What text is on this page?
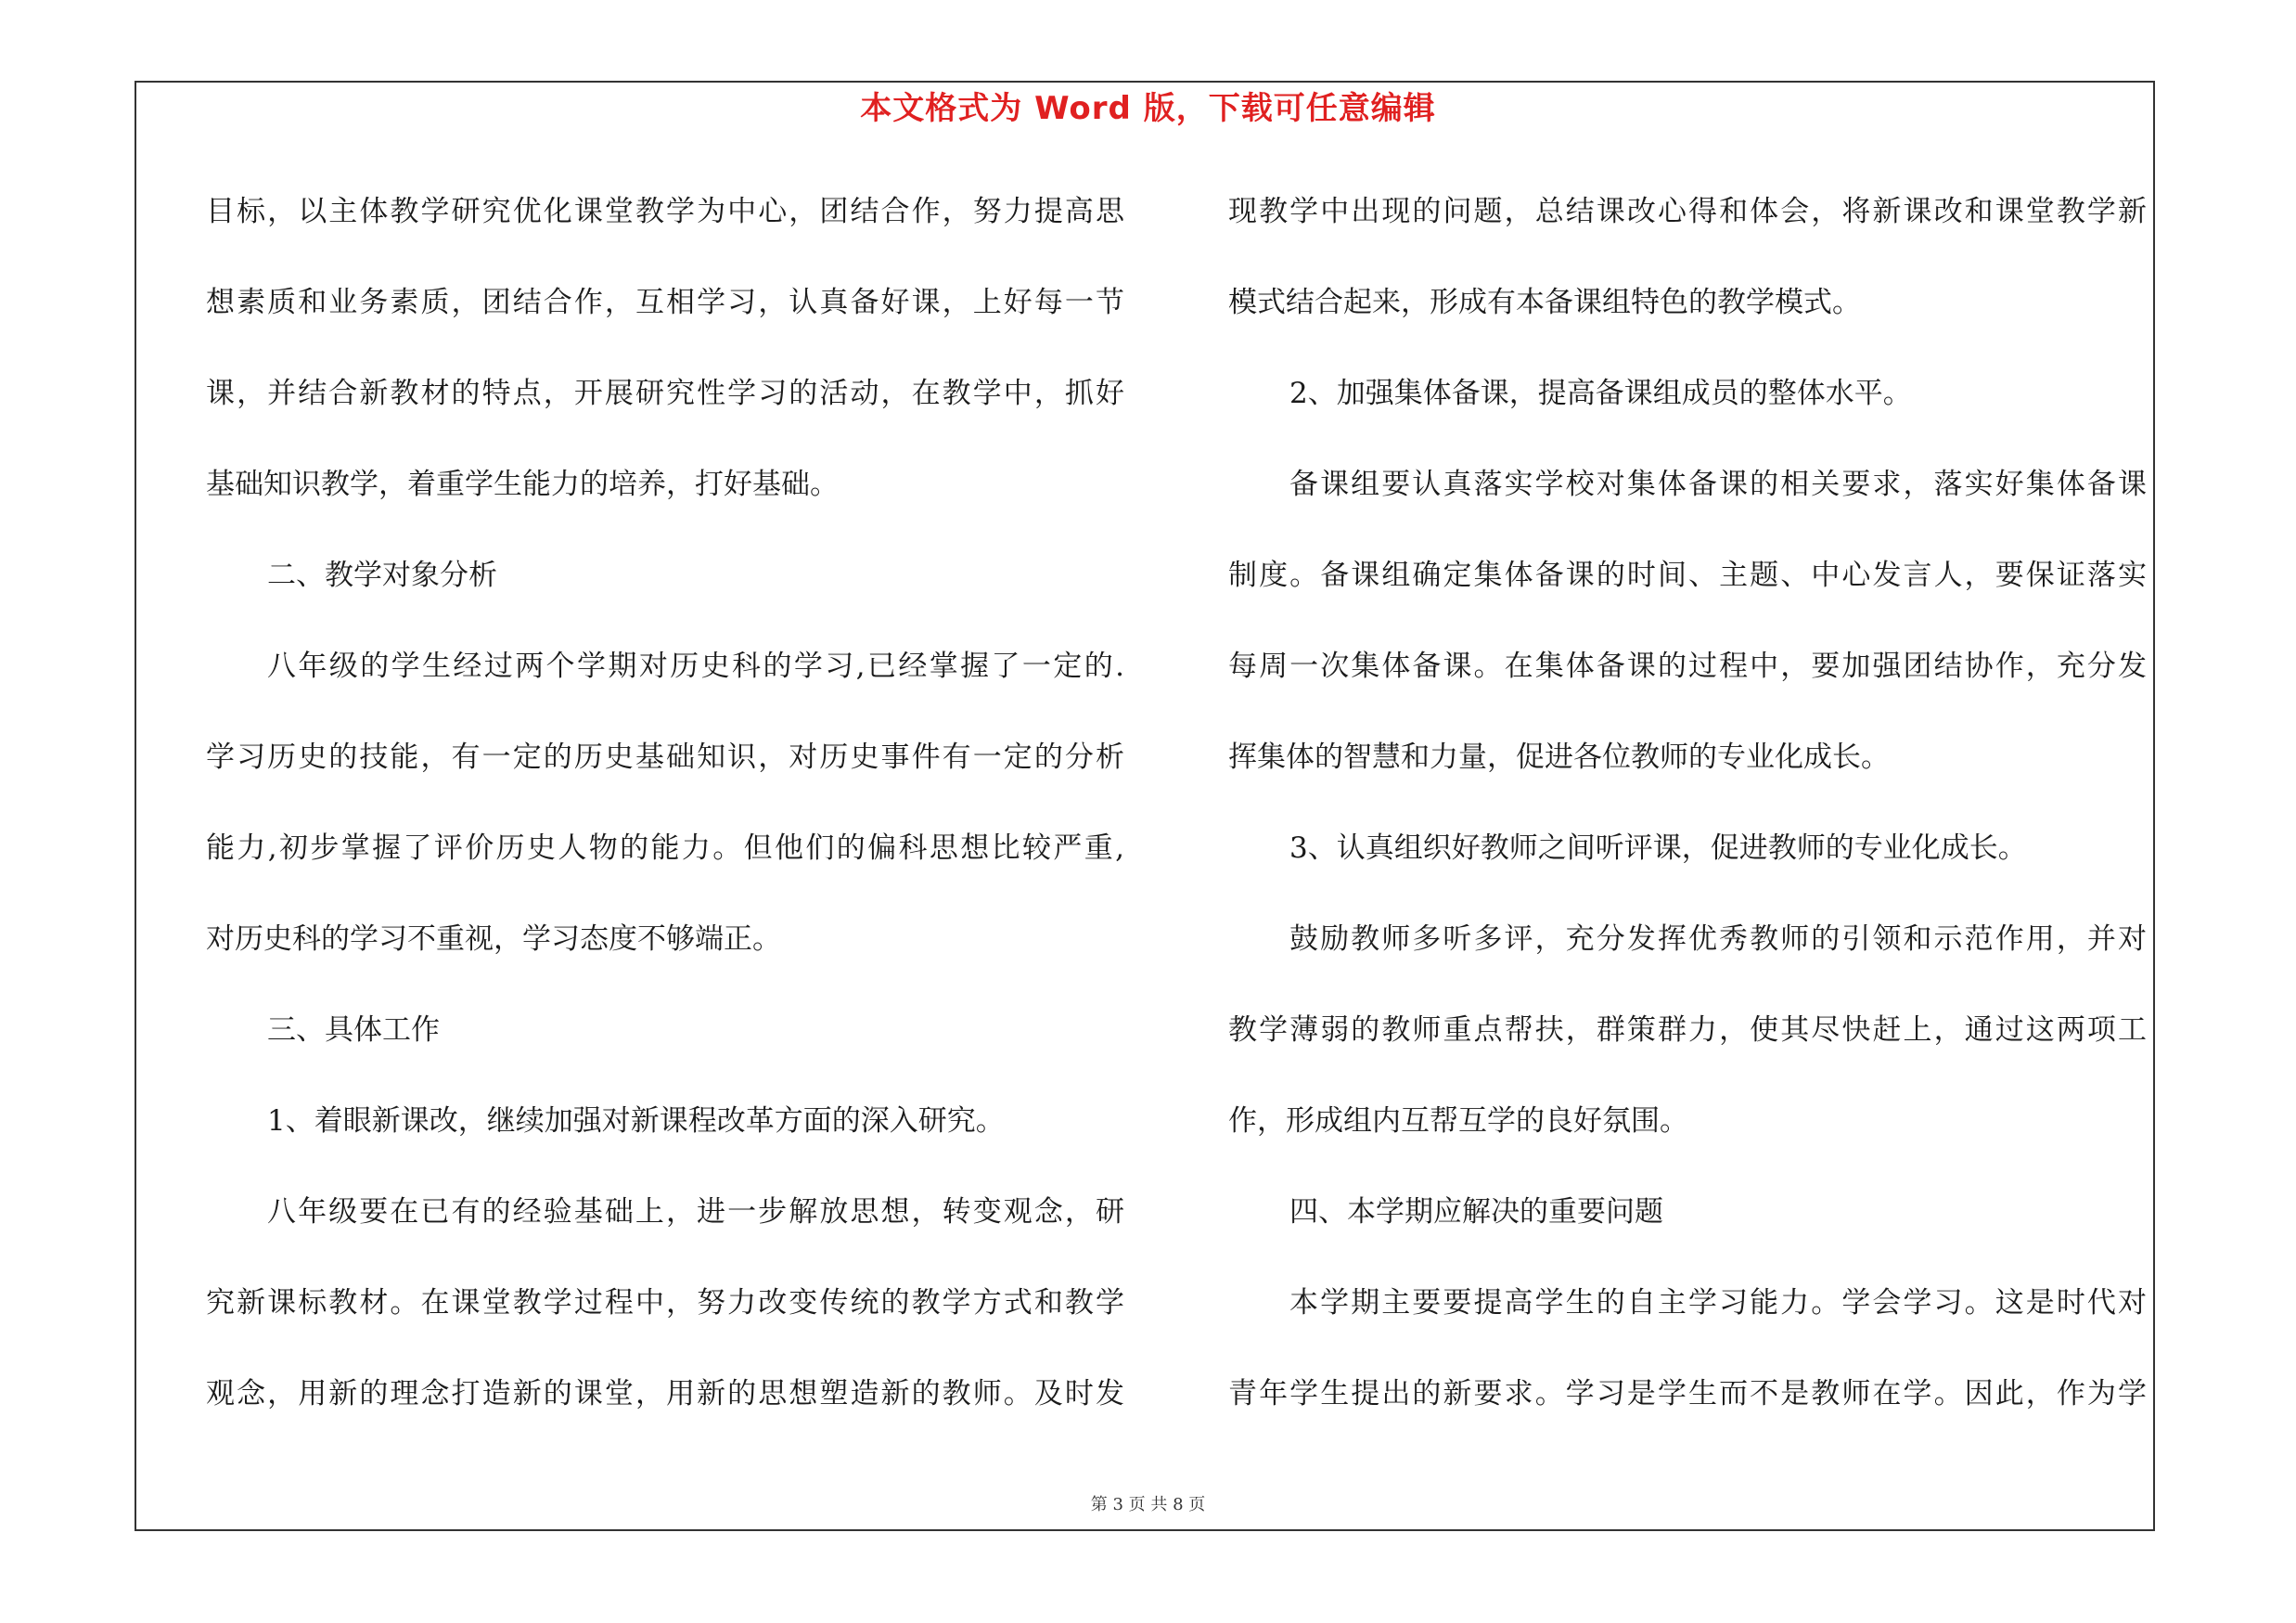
本文格式为 Word 版，下载可任意编辑
目标，以主体教学研究优化课堂教学为中心，团结合作，努力提高思
想素质和业务素质，团结合作，互相学习，认真备好课，上好每一节
课，并结合新教材的特点，开展研究性学习的活动，在教学中，抓好
基础知识教学，着重学生能力的培养，打好基础。
二、教学对象分析
八年级的学生经过两个学期对历史科的学习,已经掌握了一定的.
学习历史的技能，有一定的历史基础知识，对历史事件有一定的分析
能力,初步掌握了评价历史人物的能力。但他们的偏科思想比较严重,
对历史科的学习不重视，学习态度不够端正。
三、具体工作
1、着眼新课改，继续加强对新课程改革方面的深入研究。
八年级要在已有的经验基础上，进一步解放思想，转变观念，研
究新课标教材。在课堂教学过程中，努力改变传统的教学方式和教学
观念，用新的理念打造新的课堂，用新的思想塑造新的教师。及时发
现教学中出现的问题，总结课改心得和体会，将新课改和课堂教学新
模式结合起来，形成有本备课组特色的教学模式。
2、加强集体备课，提高备课组成员的整体水平。
备课组要认真落实学校对集体备课的相关要求，落实好集体备课
制度。备课组确定集体备课的时间、主题、中心发言人，要保证落实
每周一次集体备课。在集体备课的过程中，要加强团结协作，充分发
挥集体的智慧和力量，促进各位教师的专业化成长。
3、认真组织好教师之间听评课，促进教师的专业化成长。
鼓励教师多听多评，充分发挥优秀教师的引领和示范作用，并对
教学薄弱的教师重点帮扶，群策群力，使其尽快赶上，通过这两项工
作，形成组内互帮互学的良好氛围。
四、本学期应解决的重要问题
本学期主要要提高学生的自主学习能力。学会学习。这是时代对
青年学生提出的新要求。学习是学生而不是教师在学。因此，作为学
第 3 页 共 8 页
